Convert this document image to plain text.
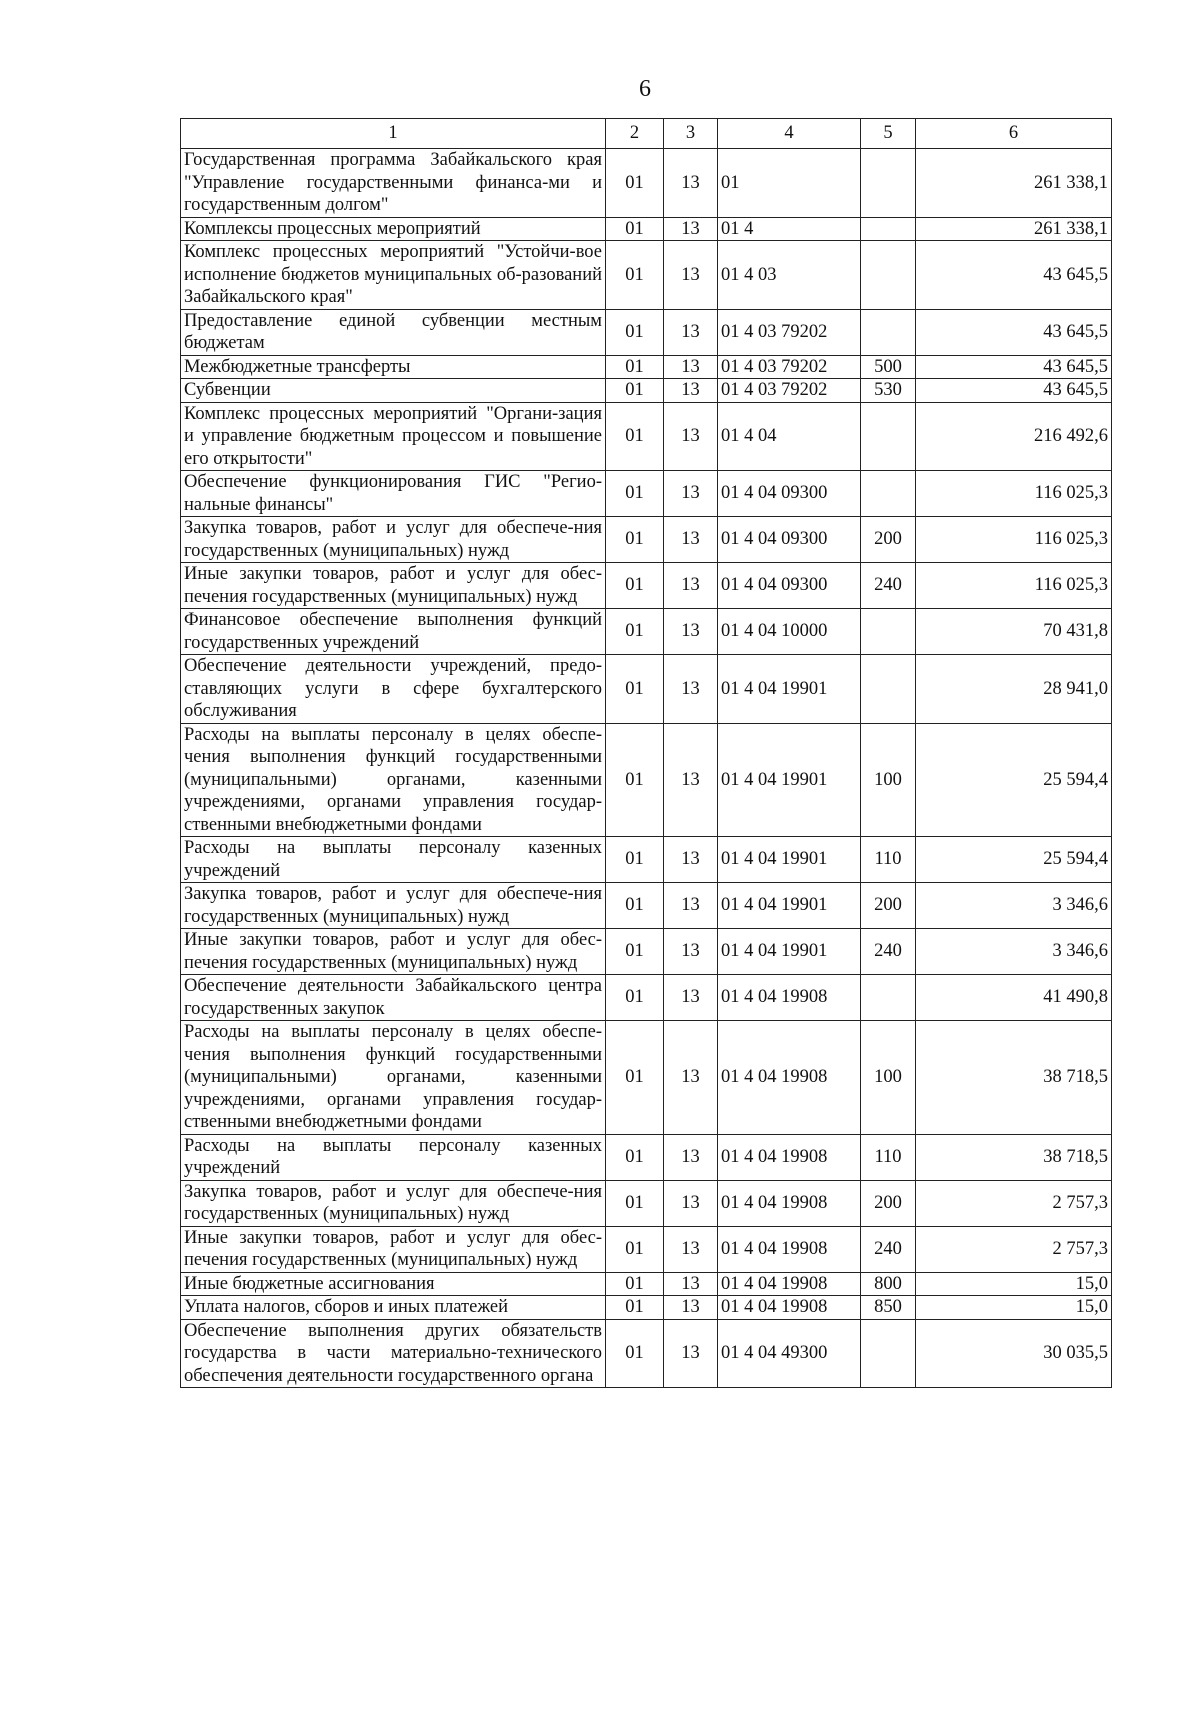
6
1	2	3	4	5	6
Государственная программа Забайкальского края "Управление государственными финанса-ми и государственным долгом"	01	13	01		261 338,1
Комплексы процессных мероприятий	01	13	01 4		261 338,1
Комплекс процессных мероприятий "Устойчи-вое исполнение бюджетов муниципальных об-разований Забайкальского края"	01	13	01 4 03		43 645,5
Предоставление единой субвенции местным бюджетам	01	13	01 4 03 79202		43 645,5
Межбюджетные трансферты	01	13	01 4 03 79202	500	43 645,5
Субвенции	01	13	01 4 03 79202	530	43 645,5
Комплекс процессных мероприятий "Органи-зация и управление бюджетным процессом и повышение его открытости"	01	13	01 4 04		216 492,6
Обеспечение функционирования ГИС "Регио-нальные финансы"	01	13	01 4 04 09300		116 025,3
Закупка товаров, работ и услуг для обеспече-ния государственных (муниципальных) нужд	01	13	01 4 04 09300	200	116 025,3
Иные закупки товаров, работ и услуг для обес-печения государственных (муниципальных) нужд	01	13	01 4 04 09300	240	116 025,3
Финансовое обеспечение выполнения функций государственных учреждений	01	13	01 4 04 10000		70 431,8
Обеспечение деятельности учреждений, предо-ставляющих услуги в сфере бухгалтерского обслуживания	01	13	01 4 04 19901		28 941,0
Расходы на выплаты персоналу в целях обеспе-чения выполнения функций государственными (муниципальными) органами, казенными учреждениями, органами управления государ-ственными внебюджетными фондами	01	13	01 4 04 19901	100	25 594,4
Расходы на выплаты персоналу казенных учреждений	01	13	01 4 04 19901	110	25 594,4
Закупка товаров, работ и услуг для обеспече-ния государственных (муниципальных) нужд	01	13	01 4 04 19901	200	3 346,6
Иные закупки товаров, работ и услуг для обес-печения государственных (муниципальных) нужд	01	13	01 4 04 19901	240	3 346,6
Обеспечение деятельности Забайкальского центра государственных закупок	01	13	01 4 04 19908		41 490,8
Расходы на выплаты персоналу в целях обеспе-чения выполнения функций государственными (муниципальными) органами, казенными учреждениями, органами управления государ-ственными внебюджетными фондами	01	13	01 4 04 19908	100	38 718,5
Расходы на выплаты персоналу казенных учреждений	01	13	01 4 04 19908	110	38 718,5
Закупка товаров, работ и услуг для обеспече-ния государственных (муниципальных) нужд	01	13	01 4 04 19908	200	2 757,3
Иные закупки товаров, работ и услуг для обес-печения государственных (муниципальных) нужд	01	13	01 4 04 19908	240	2 757,3
Иные бюджетные ассигнования	01	13	01 4 04 19908	800	15,0
Уплата налогов, сборов и иных платежей	01	13	01 4 04 19908	850	15,0
Обеспечение выполнения других обязательств государства в части материально-технического обеспечения деятельности государственного органа	01	13	01 4 04 49300		30 035,5
